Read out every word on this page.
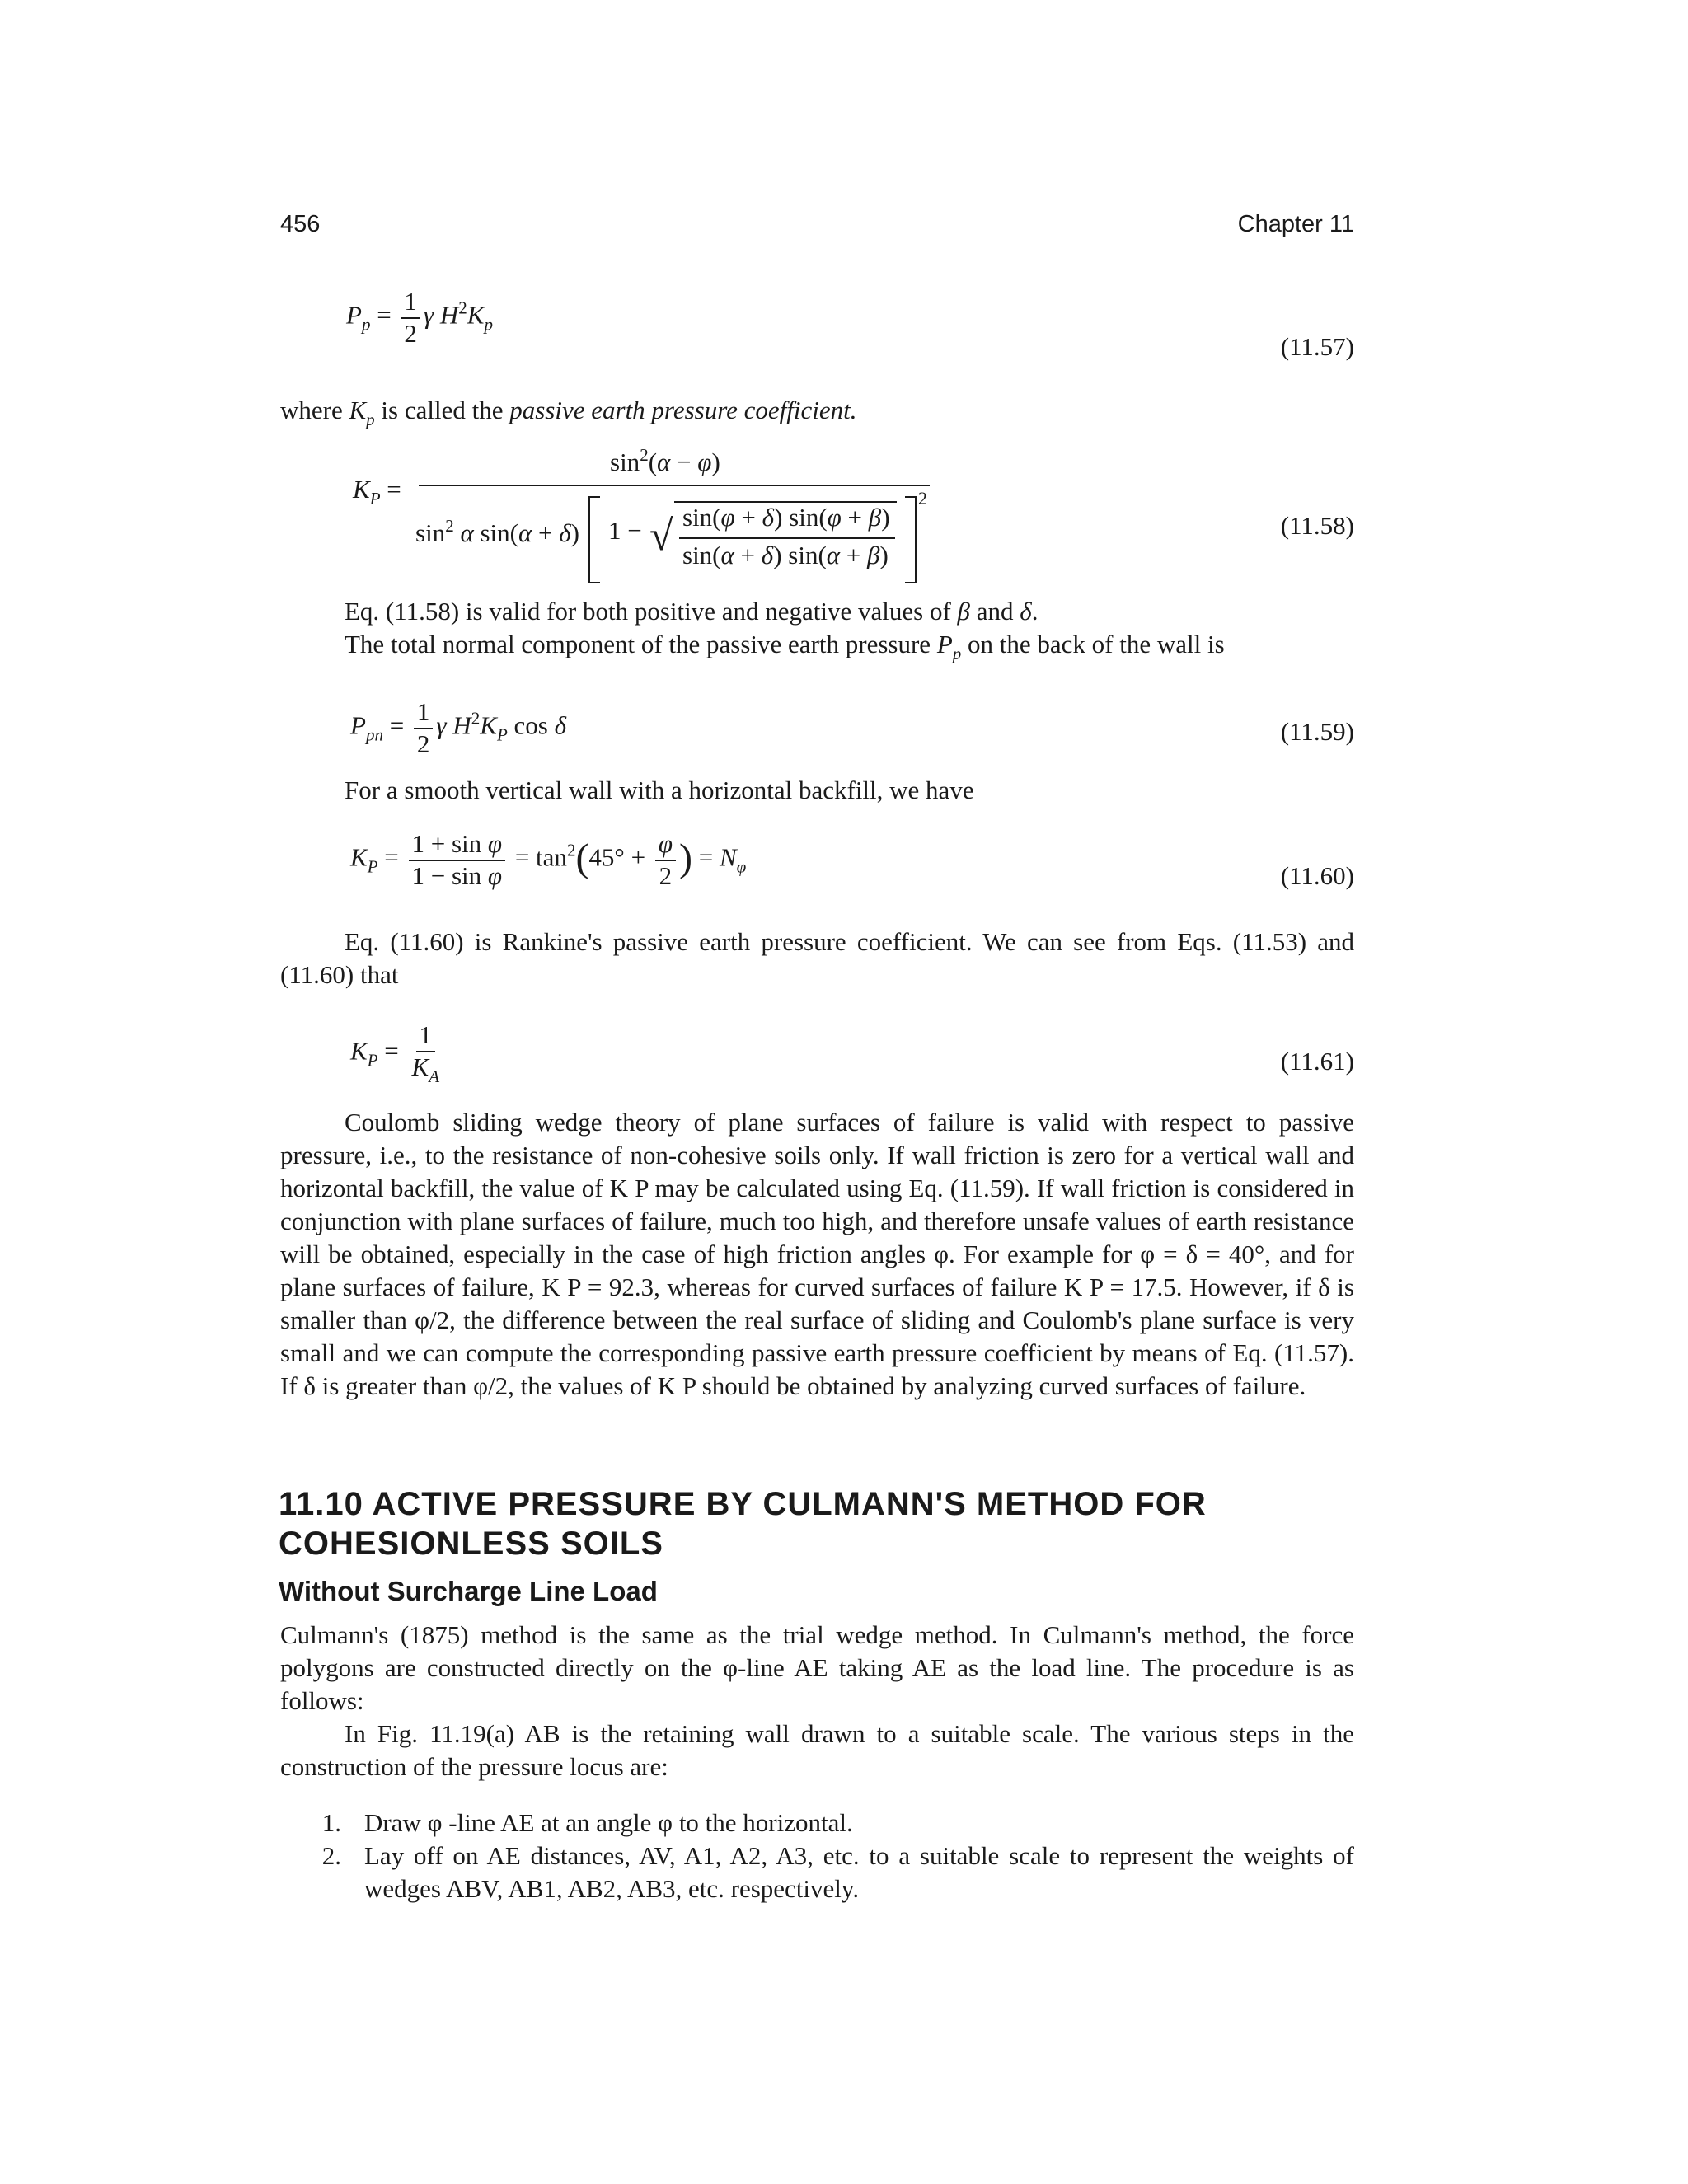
456	Chapter 11
$P_p = \frac{1}{2}$ γ $H^2K_p$
(11.57)
where $K_p$ is called the passive earth pressure coefficient.
$K_P$ =
$\sin^2(\alpha - \varphi)$
$\sin^2 \alpha$ sin(α + δ) 1 − √ sin(φ + δ) sin(φ + β)
sin(α + δ) sin(α + β)
2
(11.58)
Eq. (11.58) is valid for both positive and negative values of β and δ.
The total normal component of the passive earth pressure $P_p$ on the back of the wall is
$P_{pn} = \frac{1}{2}$ γ $H^2K_P$ cos δ	(11.59)
For a smooth vertical wall with a horizontal backfill, we have
$K_P = \frac{\text{1 + sin φ}}{\text{1 − sin φ}} = \tan^2(45^\circ + \frac{\varphi}{2}$ ) = $N_\varphi$	(11.60)
Eq. (11.60) is Rankine's passive earth pressure coefficient. We can see from Eqs. (11.53) and (11.60) that
$K_P = \frac{1}{K_A}$	(11.61)
Coulomb sliding wedge theory of plane surfaces of failure is valid with respect to passive pressure, i.e., to the resistance of non-cohesive soils only. If wall friction is zero for a vertical wall and horizontal backfill, the value of K P may be calculated using Eq. (11.59). If wall friction is considered in conjunction with plane surfaces of failure, much too high, and therefore unsafe values of earth resistance will be obtained, especially in the case of high friction angles φ. For example for φ = δ = 40°, and for plane surfaces of failure, K P = 92.3, whereas for curved surfaces of failure K P = 17.5. However, if δ is smaller than φ/2, the difference between the real surface of sliding and Coulomb's plane surface is very small and we can compute the corresponding passive earth pressure coefficient by means of Eq. (11.57). If δ is greater than φ/2, the values of K P should be obtained by analyzing curved surfaces of failure.
11.10 ACTIVE PRESSURE BY CULMANN'S METHOD FOR
COHESIONLESS SOILS
Without Surcharge Line Load
Culmann's (1875) method is the same as the trial wedge method. In Culmann's method, the force polygons are constructed directly on the φ-line AE taking AE as the load line. The procedure is as follows:
In Fig. 11.19(a) AB is the retaining wall drawn to a suitable scale. The various steps in the construction of the pressure locus are:
1. Draw φ -line AE at an angle φ to the horizontal.
2. Lay off on AE distances, AV, A1, A2, A3, etc. to a suitable scale to represent the weights of wedges ABV, AB1, AB2, AB3, etc. respectively.
